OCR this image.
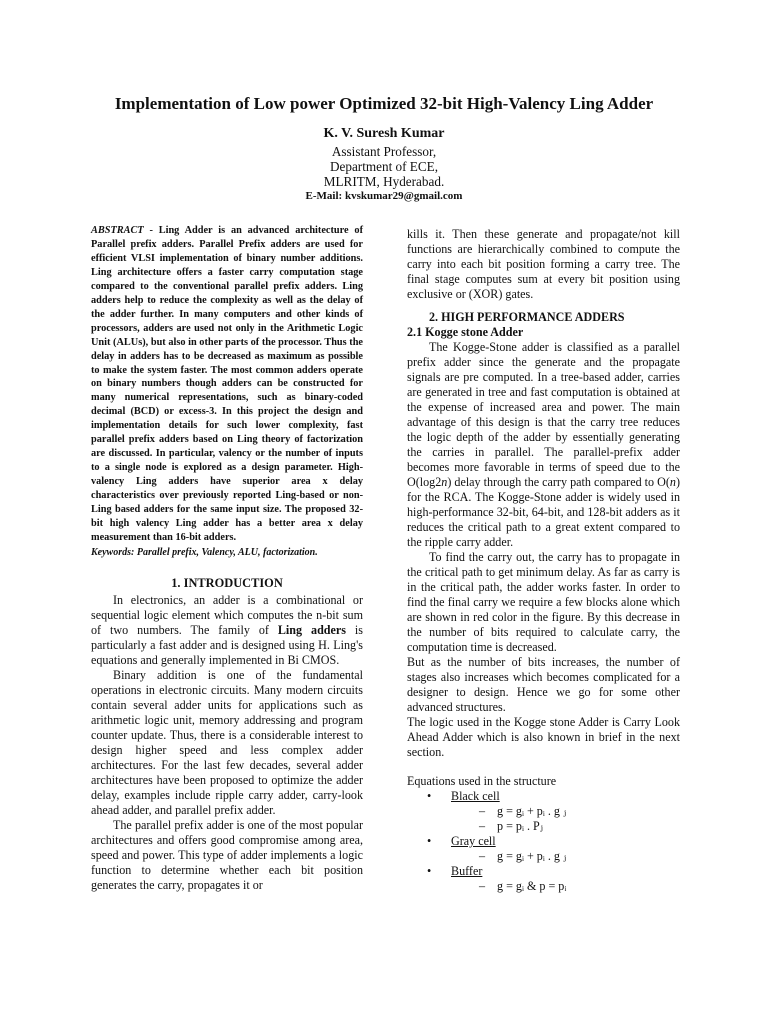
Implementation of Low power Optimized 32-bit High-Valency Ling Adder
K. V. Suresh Kumar
Assistant Professor,
Department of ECE,
MLRITM, Hyderabad.
E-Mail: kvskumar29@gmail.com

ABSTRACT - Ling Adder is an advanced architecture of Parallel prefix adders. Parallel Prefix adders are used for efficient VLSI implementation of binary number additions. Ling architecture offers a faster carry computation stage compared to the conventional parallel prefix adders. Ling adders help to reduce the complexity as well as the delay of the adder further. In many computers and other kinds of processors, adders are used not only in the Arithmetic Logic Unit (ALUs), but also in other parts of the processor. Thus the delay in adders has to be decreased as maximum as possible to make the system faster. The most common adders operate on binary numbers though adders can be constructed for many numerical representations, such as binary-coded decimal (BCD) or excess-3. In this project the design and implementation details for such lower complexity, fast parallel prefix adders based on Ling theory of factorization are discussed. In particular, valency or the number of inputs to a single node is explored as a design parameter. High-valency Ling adders have superior area x delay characteristics over previously reported Ling-based or non-Ling based adders for the same input size. The proposed 32-bit high valency Ling adder has a better area x delay measurement than 16-bit adders.

Keywords: Parallel prefix, Valency, ALU, factorization.

1. INTRODUCTION

In electronics, an adder is a combinational or sequential logic element which computes the n-bit sum of two numbers. The family of Ling adders is particularly a fast adder and is designed using H. Ling's equations and generally implemented in Bi CMOS.

Binary addition is one of the fundamental operations in electronic circuits. Many modern circuits contain several adder units for applications such as arithmetic logic unit, memory addressing and program counter update. Thus, there is a considerable interest to design higher speed and less complex adder architectures. For the last few decades, several adder architectures have been proposed to optimize the adder delay, examples include ripple carry adder, carry-look ahead adder, and parallel prefix adder.

The parallel prefix adder is one of the most popular architectures and offers good compromise among area, speed and power. This type of adder implements a logic function to determine whether each bit position generates the carry, propagates it or

kills it. Then these generate and propagate/not kill functions are hierarchically combined to compute the carry into each bit position forming a carry tree. The final stage computes sum at every bit position using exclusive or (XOR) gates.

2. HIGH PERFORMANCE ADDERS
2.1 Kogge stone Adder

The Kogge-Stone adder is classified as a parallel prefix adder since the generate and the propagate signals are pre computed. In a tree-based adder, carries are generated in tree and fast computation is obtained at the expense of increased area and power. The main advantage of this design is that the carry tree reduces the logic depth of the adder by essentially generating the carries in parallel. The parallel-prefix adder becomes more favorable in terms of speed due to the O(log2n) delay through the carry path compared to O(n) for the RCA. The Kogge-Stone adder is widely used in high-performance 32-bit, 64-bit, and 128-bit adders as it reduces the critical path to a great extent compared to the ripple carry adder.

To find the carry out, the carry has to propagate in the critical path to get minimum delay. As far as carry is in the critical path, the adder works faster. In order to find the final carry we require a few blocks alone which are shown in red color in the figure. By this decrease in the number of bits required to calculate carry, the computation time is decreased.

But as the number of bits increases, the number of stages also increases which becomes complicated for a designer to design. Hence we go for some other advanced structures.

The logic used in the Kogge stone Adder is Carry Look Ahead Adder which is also known in brief in the next section.

Equations used in the structure

• Black cell
– g = gᵢ + pᵢ . g ⱼ
– p = pᵢ . Pⱼ
• Gray cell
– g = gᵢ + pᵢ . g ⱼ
• Buffer
– g = gᵢ & p = pᵢ
